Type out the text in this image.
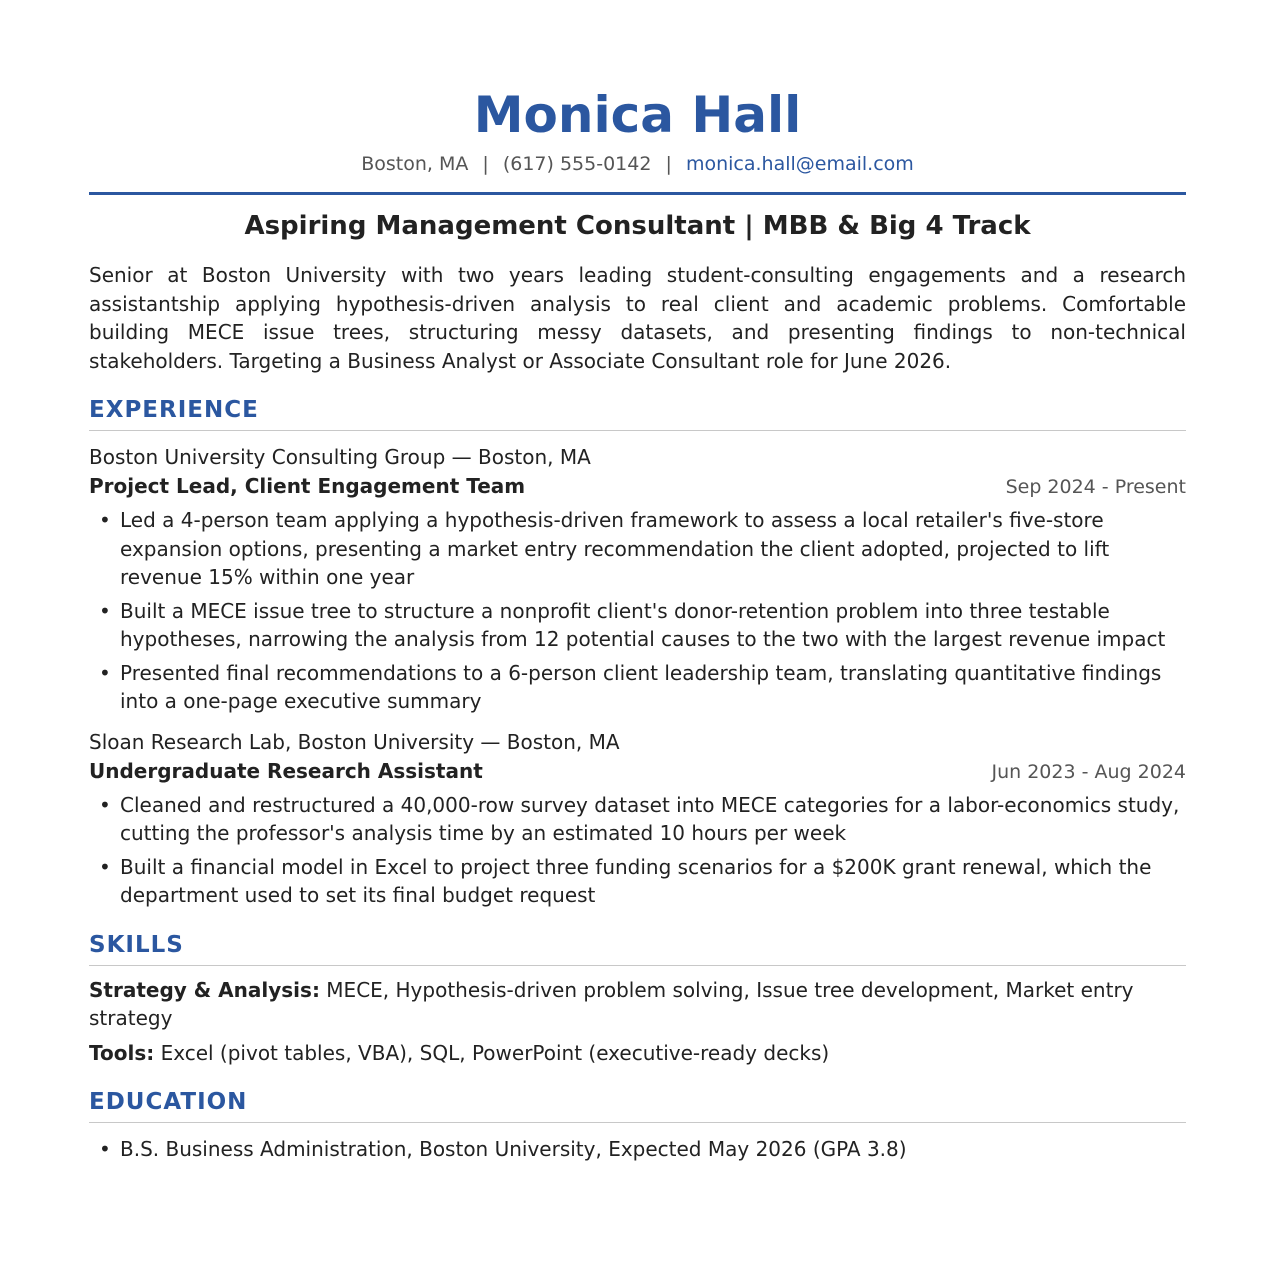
Monica Hall
Boston, MA | (617) 555-0142 | monica.hall@email.com
Aspiring Management Consultant | MBB & Big 4 Track
Senior at Boston University with two years leading student-consulting engagements and a research assistantship applying hypothesis-driven analysis to real client and academic problems. Comfortable building MECE issue trees, structuring messy datasets, and presenting findings to non-technical stakeholders. Targeting a Business Analyst or Associate Consultant role for June 2026.
EXPERIENCE
Boston University Consulting Group — Boston, MA
Project Lead, Client Engagement Team	Sep 2024 - Present
• Led a 4-person team applying a hypothesis-driven framework to assess a local retailer's five-store expansion options, presenting a market entry recommendation the client adopted, projected to lift revenue 15% within one year
• Built a MECE issue tree to structure a nonprofit client's donor-retention problem into three testable hypotheses, narrowing the analysis from 12 potential causes to the two with the largest revenue impact
• Presented final recommendations to a 6-person client leadership team, translating quantitative findings into a one-page executive summary
Sloan Research Lab, Boston University — Boston, MA
Undergraduate Research Assistant	Jun 2023 - Aug 2024
• Cleaned and restructured a 40,000-row survey dataset into MECE categories for a labor-economics study, cutting the professor's analysis time by an estimated 10 hours per week
• Built a financial model in Excel to project three funding scenarios for a $200K grant renewal, which the department used to set its final budget request
SKILLS
Strategy & Analysis: MECE, Hypothesis-driven problem solving, Issue tree development, Market entry strategy
Tools: Excel (pivot tables, VBA), SQL, PowerPoint (executive-ready decks)
EDUCATION
• B.S. Business Administration, Boston University, Expected May 2026 (GPA 3.8)
